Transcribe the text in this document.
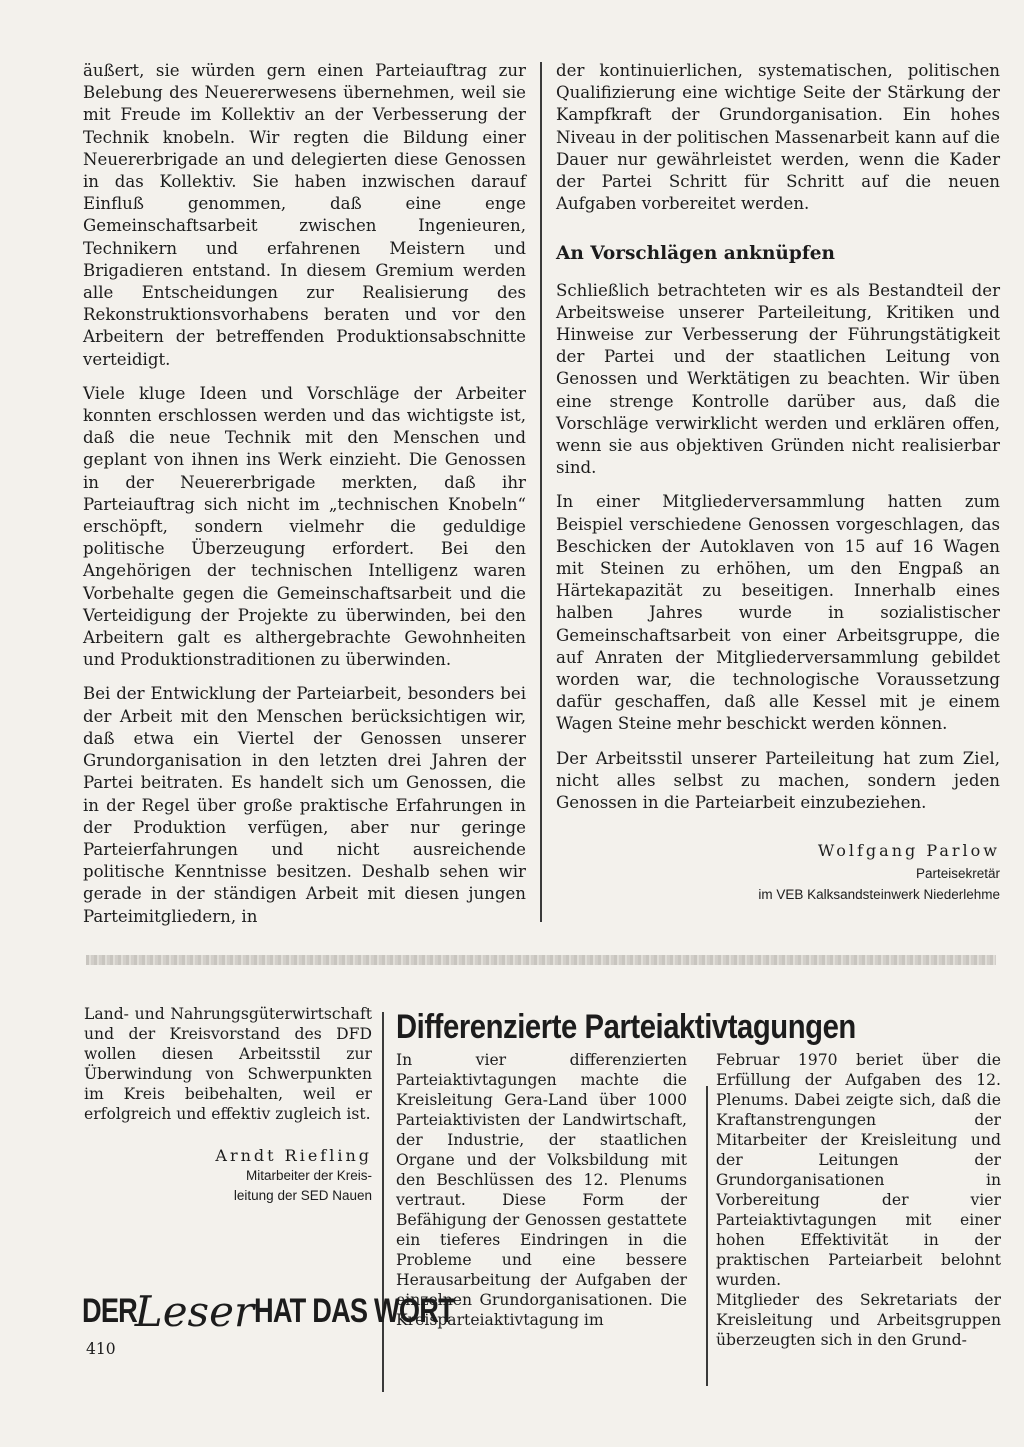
äußert, sie würden gern einen Parteiauftrag zur Belebung des Neuererwesens übernehmen, weil sie mit Freude im Kollektiv an der Verbesserung der Technik knobeln. Wir regten die Bildung einer Neuererbrigade an und delegierten diese Genossen in das Kollektiv. Sie haben inzwischen darauf Einfluß genommen, daß eine enge Gemeinschaftsarbeit zwischen Ingenieuren, Technikern und erfahrenen Meistern und Brigadieren entstand. In diesem Gremium werden alle Entscheidungen zur Realisierung des Rekonstruktionsvorhabens beraten und vor den Arbeitern der betreffenden Produktionsabschnitte verteidigt.

Viele kluge Ideen und Vorschläge der Arbeiter konnten erschlossen werden und das wichtigste ist, daß die neue Technik mit den Menschen und geplant von ihnen ins Werk einzieht. Die Genossen in der Neuererbrigade merkten, daß ihr Parteiauftrag sich nicht im „technischen Knobeln“ erschöpft, sondern vielmehr die geduldige politische Überzeugung erfordert. Bei den Angehörigen der technischen Intelligenz waren Vorbehalte gegen die Gemeinschaftsarbeit und die Verteidigung der Projekte zu überwinden, bei den Arbeitern galt es althergebrachte Gewohnheiten und Produktionstraditionen zu überwinden.

Bei der Entwicklung der Parteiarbeit, besonders bei der Arbeit mit den Menschen berücksichtigen wir, daß etwa ein Viertel der Genossen unserer Grundorganisation in den letzten drei Jahren der Partei beitraten. Es handelt sich um Genossen, die in der Regel über große praktische Erfahrungen in der Produktion verfügen, aber nur geringe Parteierfahrungen und nicht ausreichende politische Kenntnisse besitzen. Deshalb sehen wir gerade in der ständigen Arbeit mit diesen jungen Parteimitgliedern, in

der kontinuierlichen, systematischen, politischen Qualifizierung eine wichtige Seite der Stärkung der Kampfkraft der Grundorganisation. Ein hohes Niveau in der politischen Massenarbeit kann auf die Dauer nur gewährleistet werden, wenn die Kader der Partei Schritt für Schritt auf die neuen Aufgaben vorbereitet werden.

An Vorschlägen anknüpfen

Schließlich betrachteten wir es als Bestandteil der Arbeitsweise unserer Parteileitung, Kritiken und Hinweise zur Verbesserung der Führungstätigkeit der Partei und der staatlichen Leitung von Genossen und Werktätigen zu beachten. Wir üben eine strenge Kontrolle darüber aus, daß die Vorschläge verwirklicht werden und erklären offen, wenn sie aus objektiven Gründen nicht realisierbar sind.

In einer Mitgliederversammlung hatten zum Beispiel verschiedene Genossen vorgeschlagen, das Beschicken der Autoklaven von 15 auf 16 Wagen mit Steinen zu erhöhen, um den Engpaß an Härtekapazität zu beseitigen. Innerhalb eines halben Jahres wurde in sozialistischer Gemeinschaftsarbeit von einer Arbeitsgruppe, die auf Anraten der Mitgliederversammlung gebildet worden war, die technologische Voraussetzung dafür geschaffen, daß alle Kessel mit je einem Wagen Steine mehr beschickt werden können.

Der Arbeitsstil unserer Parteileitung hat zum Ziel, nicht alles selbst zu machen, sondern jeden Genossen in die Parteiarbeit einzubeziehen.

Wolfgang Parlow
Parteisekretär
im VEB Kalksandsteinwerk Niederlehme

Land- und Nahrungsgüterwirtschaft und der Kreisvorstand des DFD wollen diesen Arbeitsstil zur Überwindung von Schwerpunkten im Kreis beibehalten, weil er erfolgreich und effektiv zugleich ist.

Arndt Riefling
Mitarbeiter der Kreis-
leitung der SED Nauen
Differenzierte Parteiaktivtagungen

In vier differenzierten Parteiaktivtagungen machte die Kreisleitung Gera-Land über 1000 Parteiaktivisten der Landwirtschaft, der Industrie, der staatlichen Organe und der Volksbildung mit den Beschlüssen des 12. Plenums vertraut. Diese Form der Befähigung der Genossen gestattete ein tieferes Eindringen in die Probleme und eine bessere Herausarbeitung der Aufgaben der einzelnen Grundorganisationen. Die Kreisparteiaktivtagung im

Februar 1970 beriet über die Erfüllung der Aufgaben des 12. Plenums. Dabei zeigte sich, daß die Kraftanstrengungen der Mitarbeiter der Kreisleitung und der Leitungen der Grundorganisationen in Vorbereitung der vier Parteiaktivtagungen mit einer hohen Effektivität in der praktischen Parteiarbeit belohnt wurden.

Mitglieder des Sekretariats der Kreisleitung und Arbeitsgruppen überzeugten sich in den Grund-

DER
Leser HAT DAS WORT
410
